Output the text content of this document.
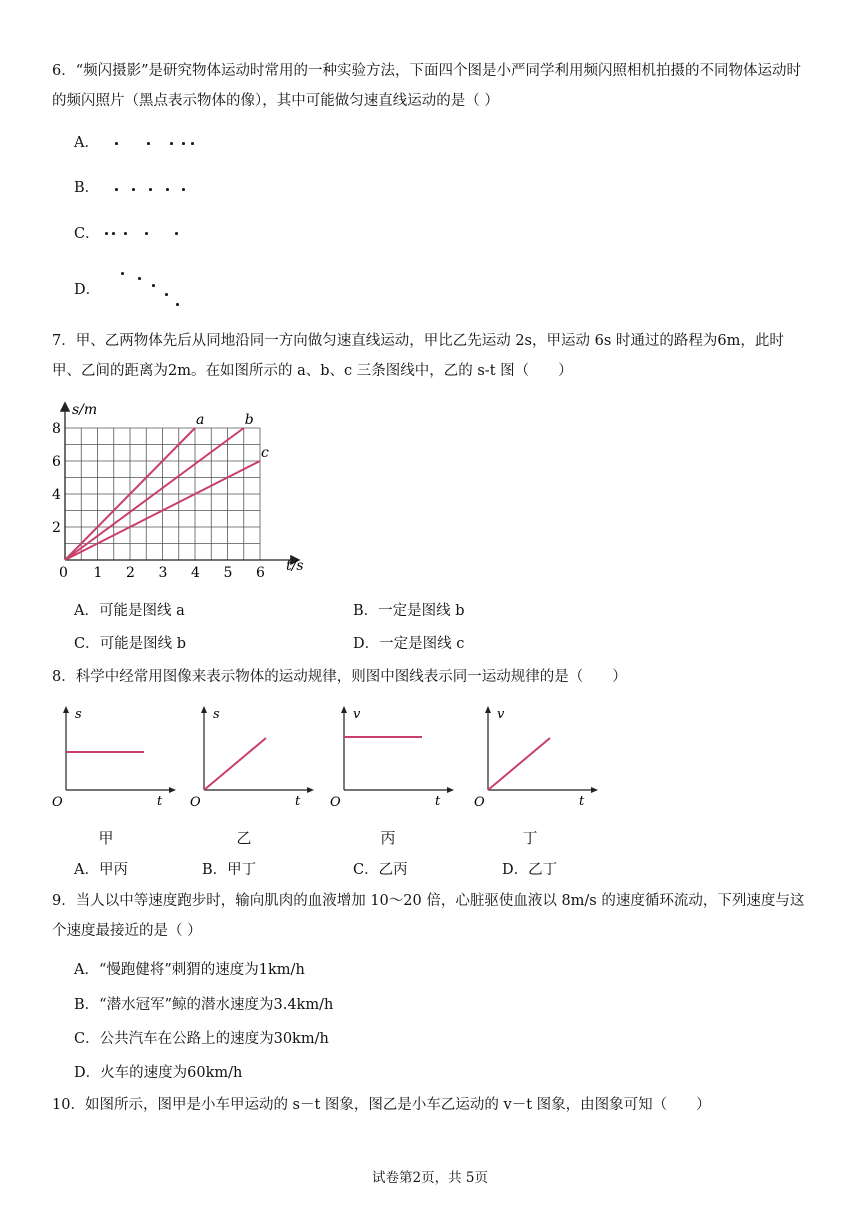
6．“频闪摄影”是研究物体运动时常用的一种实验方法，下面四个图是小严同学利用频闪照相机拍摄的不同物体运动时的频闪照片（黑点表示物体的像），其中可能做匀速直线运动的是（ ）
A．
B．
C．
D．
7．甲、乙两物体先后从同地沿同一方向做匀速直线运动，甲比乙先运动 2s，甲运动 6s 时通过的路程为6m，此时甲、乙间的距离为2m。在如图所示的 a、b、c 三条图线中，乙的 s-t 图（　　）
a	b
c
0 1 2 3 4 5 6
2
4
6
8
s/m
t/s
A．可能是图线 a	B．一定是图线 b
C．可能是图线 b	D．一定是图线 c
8．科学中经常用图像来表示物体的运动规律，则图中图线表示同一运动规律的是（　　）
s
t
O
s
t
O
v
t
O
v
t
O
甲	乙	丙	丁
A．甲丙	B．甲丁	C．乙丙	D．乙丁
9．当人以中等速度跑步时，输向肌肉的血液增加 10～20 倍，心脏驱使血液以 8m/s 的速度循环流动，下列速度与这个速度最接近的是（ ）
A．“慢跑健将”刺猬的速度为1km/h
B．“潜水冠军”鲸的潜水速度为3.4km/h
C．公共汽车在公路上的速度为30km/h
D．火车的速度为60km/h
10．如图所示，图甲是小车甲运动的 s－t 图象，图乙是小车乙运动的 v－t 图象，由图象可知（　　）
试卷第2页，共 5页
